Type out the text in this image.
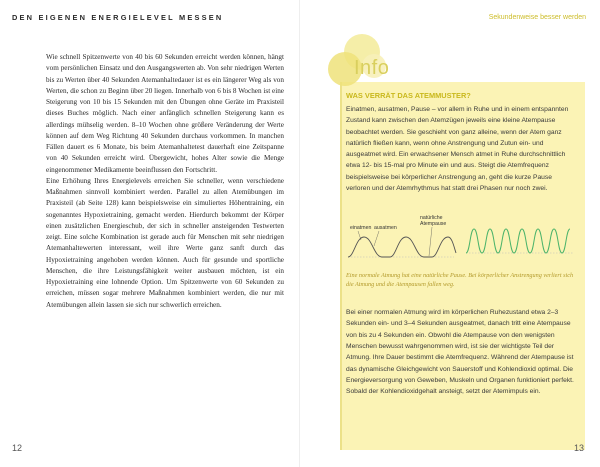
DEN EIGENEN ENERGIELEVEL MESSEN

Wie schnell Spitzenwerte von 40 bis 60 Sekunden erreicht werden können, hängt vom persönlichen Einsatz und den Ausgangswerten ab. Von sehr niedrigen Werten bis zu Werten über 40 Sekunden Atemanhaltedauer ist es ein längerer Weg als von Werten, die schon zu Beginn über 20 liegen. Innerhalb von 6 bis 8 Wochen ist eine Steigerung von 10 bis 15 Sekunden mit den Übungen ohne Geräte im Praxisteil dieses Buches möglich. Nach einer anfänglich schnellen Steigerung kann es allerdings mühselig werden. 8–10 Wochen ohne größere Veränderung der Werte können auf dem Weg Richtung 40 Sekunden durchaus vorkommen. In manchen Fällen dauert es 6 Monate, bis beim Atemanhaltetest dauerhaft eine Zeitspanne von 40 Sekunden erreicht wird. Übergewicht, hohes Alter sowie die Menge eingenommener Medikamente beeinflussen den Fortschritt.

Eine Erhöhung Ihres Energielevels erreichen Sie schneller, wenn verschiedene Maßnahmen sinnvoll kombiniert werden. Parallel zu allen Atemübungen im Praxisteil (ab Seite 128) kann beispielsweise ein simuliertes Höhentraining, ein sogenanntes Hypoxietraining, gemacht werden. Hierdurch bekommt der Körper einen zusätzlichen Energieschub, der sich in schneller ansteigenden Testwerten zeigt. Eine solche Kombination ist gerade auch für Menschen mit sehr niedrigen Atemanhaltewerten interessant, weil ihre Werte ganz sanft durch das Hypoxietraining angehoben werden können. Auch für gesunde und sportliche Menschen, die ihre Leistungsfähigkeit weiter ausbauen möchten, ist ein Hypoxietraining eine lohnende Option. Um Spitzenwerte von 60 Sekunden zu erreichen, müssen sogar mehrere Maßnahmen kombiniert werden, die nur mit Atemübungen allein lassen sie sich nur schwerlich erreichen.

12
Sekundenweise besser werden
Info
WAS VERRÄT DAS ATEMMUSTER?
Einatmen, ausatmen, Pause – vor allem in Ruhe und in einem entspannten Zustand kann zwischen den Atemzügen jeweils eine kleine Atempause beobachtet werden. Sie geschieht von ganz alleine, wenn der Atem ganz natürlich fließen kann, wenn ohne Anstrengung und Zutun ein- und ausgeatmet wird. Ein erwachsener Mensch atmet in Ruhe durchschnittlich etwa 12- bis 15-mal pro Minute ein und aus. Steigt die Atemfrequenz beispielsweise bei körperlicher Anstrengung an, geht die kurze Pause verloren und der Atemrhythmus hat statt drei Phasen nur noch zwei.
einatmen ausatmen
natürliche
Atempause
Eine normale Atmung hat eine natürliche Pause. Bei körperlicher Anstrengung verliert sich die Atmung und die Atempausen fallen weg.
Bei einer normalen Atmung wird im körperlichen Ruhezustand etwa 2–3 Sekunden ein- und 3–4 Sekunden ausgeatmet, danach tritt eine Atempause von bis zu 4 Sekunden ein. Obwohl die Atempause von den wenigsten Menschen bewusst wahrgenommen wird, ist sie der wichtigste Teil der Atmung. Ihre Dauer bestimmt die Atemfrequenz. Während der Atempause ist das dynamische Gleichgewicht von Sauerstoff und Kohlendioxid optimal. Die Energieversorgung von Geweben, Muskeln und Organen funktioniert perfekt. Sobald der Kohlendioxidgehalt ansteigt, setzt der Atemimpuls ein.
13
